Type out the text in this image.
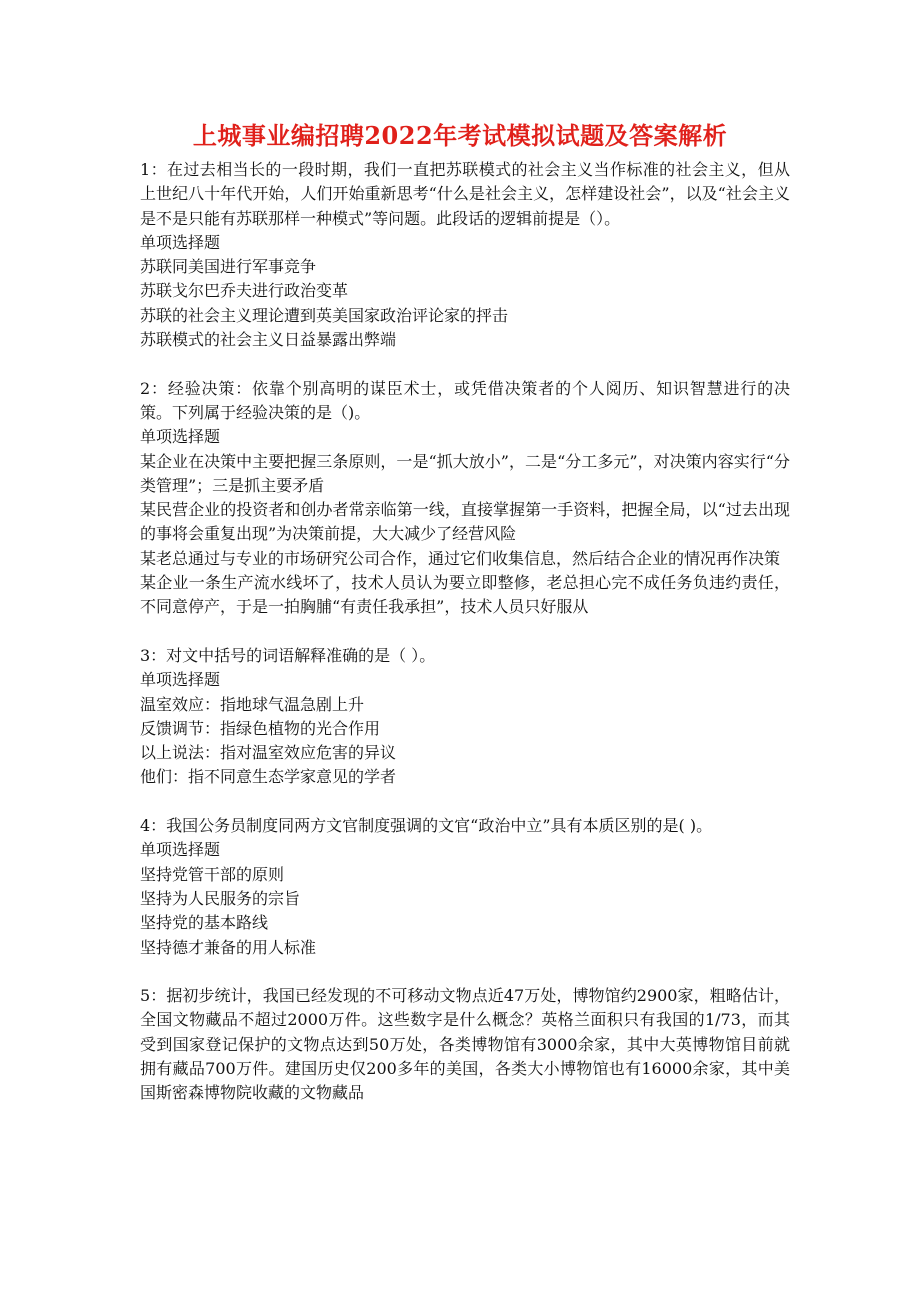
上城事业编招聘2022年考试模拟试题及答案解析
1：在过去相当长的一段时期，我们一直把苏联模式的社会主义当作标准的社会主义，但从上世纪八十年代开始，人们开始重新思考“什么是社会主义，怎样建设社会”，以及“社会主义是不是只能有苏联那样一种模式”等问题。此段话的逻辑前提是（）。
单项选择题
苏联同美国进行军事竞争
苏联戈尔巴乔夫进行政治变革
苏联的社会主义理论遭到英美国家政治评论家的抨击
苏联模式的社会主义日益暴露出弊端
2：经验决策：依靠个别高明的谋臣术士，或凭借决策者的个人阅历、知识智慧进行的决策。下列属于经验决策的是（)。
单项选择题
某企业在决策中主要把握三条原则，一是“抓大放小”，二是“分工多元”，对决策内容实行“分类管理”；三是抓主要矛盾
某民营企业的投资者和创办者常亲临第一线，直接掌握第一手资料，把握全局，以“过去出现的事将会重复出现”为决策前提，大大减少了经营风险
某老总通过与专业的市场研究公司合作，通过它们收集信息，然后结合企业的情况再作决策
某企业一条生产流水线坏了，技术人员认为要立即整修，老总担心完不成任务负违约责任，不同意停产，于是一拍胸脯“有责任我承担”，技术人员只好服从
3：对文中括号的词语解释准确的是（ ）。
单项选择题
温室效应：指地球气温急剧上升
反馈调节：指绿色植物的光合作用
以上说法：指对温室效应危害的异议
他们：指不同意生态学家意见的学者
4：我国公务员制度同两方文官制度强调的文官“政治中立”具有本质区别的是( )。
单项选择题
坚持党管干部的原则
坚持为人民服务的宗旨
坚持党的基本路线
坚持德才兼备的用人标准
5：据初步统计，我国已经发现的不可移动文物点近47万处，博物馆约2900家，粗略估计，全国文物藏品不超过2000万件。这些数字是什么概念？英格兰面积只有我国的1/73，而其受到国家登记保护的文物点达到50万处，各类博物馆有3000余家，其中大英博物馆目前就拥有藏品700万件。建国历史仅200多年的美国，各类大小博物馆也有16000余家，其中美国斯密森博物院收藏的文物藏品
